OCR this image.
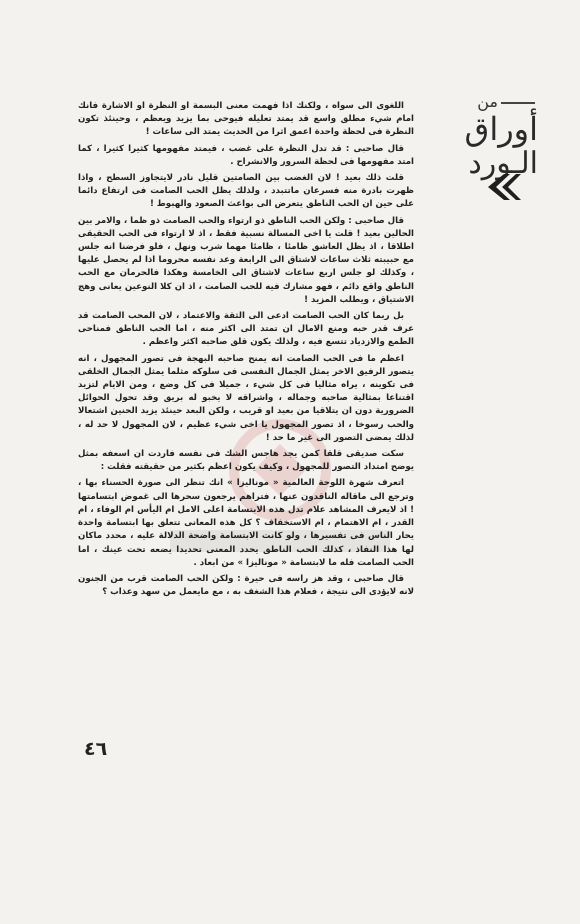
من
أوراق
الـورد

اللغوى الى سواه ، ولكنك اذا فهمت معنى البسمة او النظرة او الاشارة فانك امام شيء مطلق واسع قد يمتد تعليله فيوحى بما يزيد ويعظم ، وحينئذ تكون النظرة فى لحظة واحدة اعمق اثرا من الحديث يمتد الى ساعات !

قال صاحبى : قد تدل النظرة على غضب ، فيمتد مفهومها كثيرا كثيرا ، كما امتد مفهومها فى لحظة السرور والانشراح .

قلت ذلك بعيد ! لان الغضب بين الصامتين قليل نادر لايتجاوز السطح ، واذا ظهرت بادرة منه فسرعان ماتتبدد ، ولذلك يظل الحب الصامت فى ارتفاع دائما على حين ان الحب الناطق يتعرض الى بواعث الصعود والهبوط !

قال صاحبى : ولكن الحب الناطق ذو ارتواء والحب الصامت ذو ظما ، والامر بين الحالين بعيد ! قلت يا اخى المسالة نسبية فقط ، اذ لا ارتواء فى الحب الحقيقى اطلاقا ، اذ يظل العاشق ظامئا ، ظامئا مهما شرب ونهل ، فلو فرضنا انه جلس مع حبيبته ثلاث ساعات لاشتاق الى الرابعة وعد نفسه محروما اذا لم يحصل عليها ، وكذلك لو جلس اربع ساعات لاشتاق الى الخامسة وهكذا فالحرمان مع الحب الناطق واقع دائم ، فهو مشارك فيه للحب الصامت ، اذ ان كلا النوعين يعانى وهج الاشتياق ، ويطلب المزيد !

بل ربما كان الحب الصامت ادعى الى الثقة والاعتماد ، لان المحب الصامت قد عرف قدر حبه ومنع الامال ان تمتد الى اكثر منه ، اما الحب الناطق فمناحى الطمع والازدياد تتسع فيه ، ولذلك يكون قلق صاحبه اكثر واعظم .

اعظم ما فى الحب الصامت انه يمنح صاحبه البهجة فى تصور المجهول ، انه يتصور الرفيق الاخر يمثل الجمال النفسى فى سلوكه مثلما يمثل الجمال الخلقى فى تكوينه ، يراه مثاليا فى كل شيء ، جميلا فى كل وضع ، ومن الايام لتزيد اقتناعا بمثالية صاحبه وجماله ، واشراقه لا يخبو له بريق وقد تحول الحوائل الضرورية دون ان يتلاقيا من بعيد او قريب ، ولكن البعد حينئذ يزيد الحنين اشتعالا والحب رسوخا ، اذ تصور المجهول يا اخى شيء عظيم ، لان المجهول لا حد له ، لذلك يمضى التصور الى غير ما حد !

سكت صديقى قلقا كمن يجد هاجس الشك فى نفسه فاردت ان اسعفه بمثل يوضح امتداد التصور للمجهول ، وكيف يكون اعظم بكثير من حقيقته فقلت :

اتعرف شهرة اللوحة العالمية « موناليزا » انك تنظر الى صورة الحسناء بها ، وترجع الى ماقاله الناقدون عنها ، فتراهم يرجعون سحرها الى غموض ابتسامتها ! اذ لايعرف المشاهد علام تدل هذه الابتسامة اعلى الامل ام اليأس ام الوفاء ، ام القدر ، ام الاهتمام ، ام الاستخفاف ؟ كل هذه المعانى تتعلق بها ابتسامة واحدة يحار الناس فى تفسيرها ، ولو كانت الابتسامة واضحة الدلالة عليه ، محدد ماكان لها هذا النفاذ ، كذلك الحب الناطق يحدد المعنى تحديدا يضعه تحت عينك ، اما الحب الصامت فله ما لابتسامة « موناليزا » من ابعاد .

قال صاحبى ، وقد هز راسه فى حيرة : ولكن الحب الصامت قرب من الجنون لانه لايؤدى الى نتيجة ، فعلام هذا الشغف به ، مع مايعمل من سهد وعذاب ؟

٤٦
